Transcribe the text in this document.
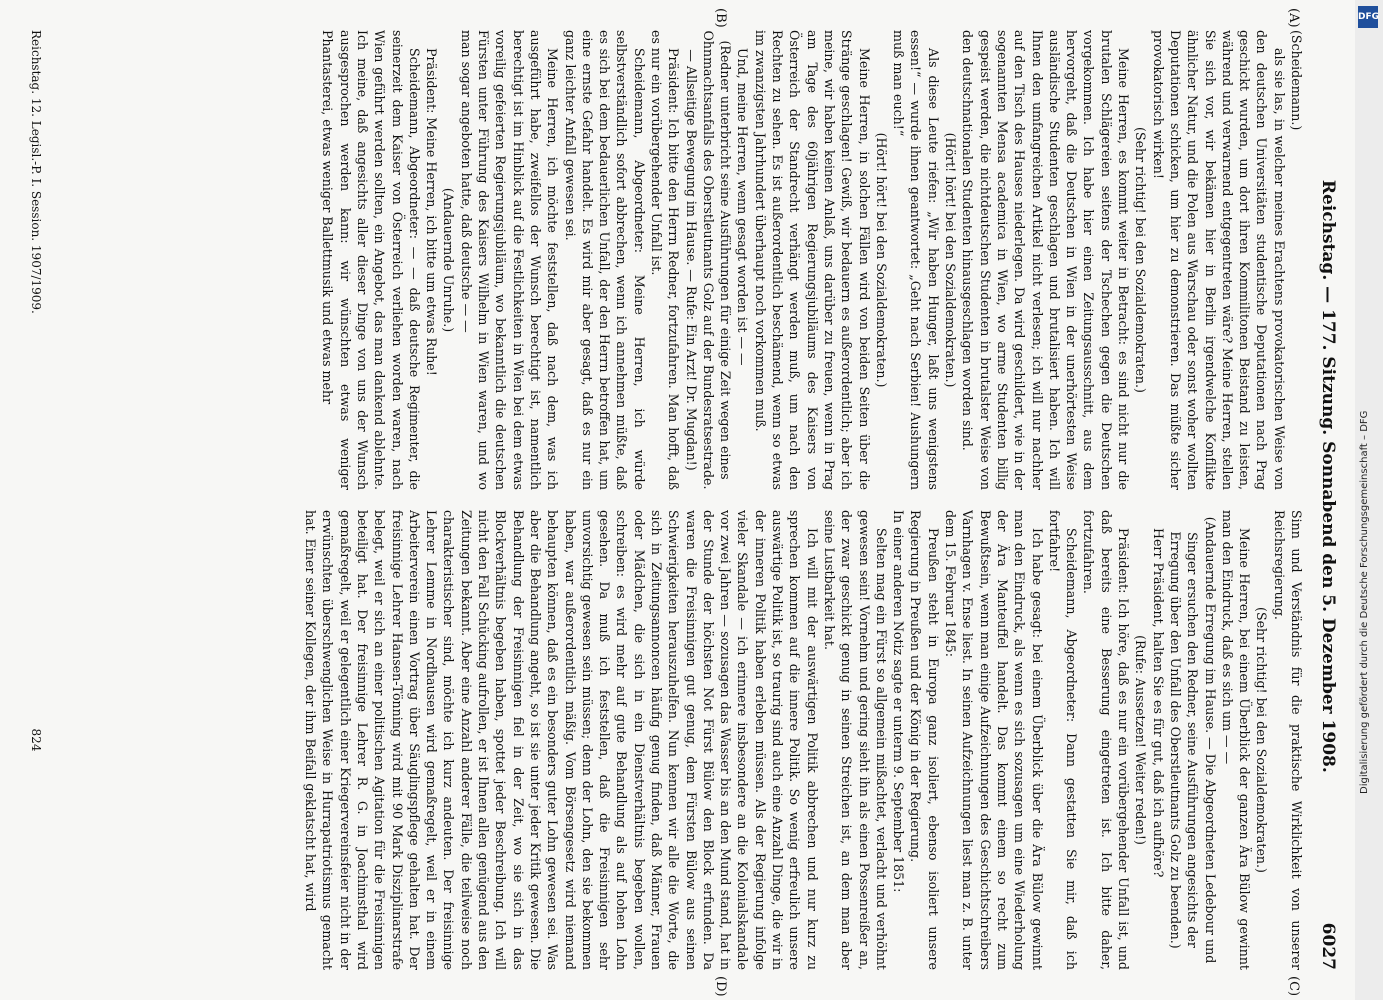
Reichstag. — 177. Sitzung. Sonnabend den 5. Dezember 1908.
6027
(A)
(B)
(C)
(D)

(Scheidemann.)

als sie las, in welcher meines Erachtens provokatorischen Weise von den deutschen Universitäten studentische Deputationen nach Prag geschickt wurden, um dort ihren Kommilitonen Beistand zu leisten, während und verwarnend entgegentreten wäre? Meine Herren, stellen Sie sich vor, wir bekämen hier in Berlin irgendwelche Konflikte ähnlicher Natur, und die Polen aus Warschau oder sonst woher wollten Deputationen schicken, um hier zu demonstrieren. Das müßte sicher provokatorisch wirken!

(Sehr richtig! bei den Sozialdemokraten.)

Meine Herren, es kommt weiter in Betracht: es sind nicht nur die brutalen Schlägereien seitens der Tschechen gegen die Deutschen vorgekommen. Ich habe hier einen Zeitungsausschnitt, aus dem hervorgeht, daß die Deutschen in Wien in der unerhörtesten Weise ausländische Studenten geschlagen und brutalisiert haben. Ich will Ihnen den umfangreichen Artikel nicht verlesen; ich will nur nachher auf den Tisch des Hauses niederlegen. Da wird geschildert, wie in der sogenannten Mensa academica in Wien, wo arme Studenten billig gespeist werden, die nichtdeutschen Studenten in brutalster Weise von den deutschnationalen Studenten hinausgeschlagen worden sind.

(Hört! hört! bei den Sozialdemokraten.)

Als diese Leute riefen: „Wir haben Hunger, laßt uns wenigstens essen!“ — wurde ihnen geantwortet: „Geht nach Serbien! Aushungern muß man euch!“

(Hört! hört! bei den Sozialdemokraten.)

Meine Herren, in solchen Fällen wird von beiden Seiten über die Stränge geschlagen! Gewiß, wir bedauern es außerordentlich; aber ich meine, wir haben keinen Anlaß, uns darüber zu freuen, wenn in Prag am Tage des 60jährigen Regierungsjubiläums des Kaisers von Österreich der Standrecht verhängt werden muß, um nach den Rechten zu sehen. Es ist außerordentlich beschämend, wenn so etwas im zwanzigsten Jahrhundert überhaupt noch vorkommen muß.

Und, meine Herren, wenn gesagt worden ist — —

(Redner unterbricht seine Ausführungen für einige Zeit wegen eines Ohnmachtsanfalls des Oberstleutnants Golz auf der Bundesratsestrade. — Allseitige Bewegung im Hause. — Rufe: Ein Arzt! Dr. Mugdan!)

Präsident: Ich bitte den Herrn Redner, fortzufahren. Man hofft, daß es nur ein vorübergehender Unfall ist.

Scheidemann, Abgeordneter: Meine Herren, ich würde selbstverständlich sofort abbrechen, wenn ich annehmen müßte, daß es sich bei dem bedauerlichen Unfall, der den Herrn betroffen hat, um eine ernste Gefahr handelt. Es wird mir aber gesagt, daß es nur ein ganz leichter Anfall gewesen sei.

Meine Herren, ich möchte feststellen, daß nach dem, was ich ausgeführt habe, zweifellos der Wunsch berechtigt ist, namentlich berechtigt ist im Hinblick auf die Festlichkeiten in Wien bei dem etwas voreilig gefeierten Regierungsjubiläum, wo bekanntlich die deutschen Fürsten unter Führung des Kaisers Wilhelm in Wien waren, und wo man sogar angeboten hatte, daß deutsche — —

(Andauernde Unruhe.)

Präsident: Meine Herren, ich bitte um etwas Ruhe!

Scheidemann, Abgeordneter: — — daß deutsche Regimenter, die seinerzeit dem Kaiser von Österreich verliehen worden waren, nach Wien geführt werden sollten, ein Angebot, das man dankend ablehnte. Ich meine, daß angesichts aller dieser Dinge von uns der Wunsch ausgesprochen werden kann: wir wünschten etwas weniger Phantasterei, etwas weniger Ballettmusik und etwas mehr

Sinn und Verständnis für die praktische Wirklichkeit von unserer Reichsregierung.

(Sehr richtig! bei den Sozialdemokraten.)

Meine Herren, bei einem Überblick der ganzen Ära Bülow gewinnt man den Eindruck, daß es sich um — —

(Andauernde Erregung im Hause. — Die Abgeordneten Ledebour und Singer ersuchen den Redner, seine Ausführungen angesichts der Erregung über den Unfall des Oberstleutnants Golz zu beenden.)

Herr Präsident, halten Sie es für gut, daß ich aufhöre?

(Rufe: Aussetzen! Weiter reden!)

Präsident: Ich höre, daß es nur ein vorübergehender Unfall ist, und daß bereits eine Besserung eingetreten ist. Ich bitte daher, fortzufahren.

Scheidemann, Abgeordneter: Dann gestatten Sie mir, daß ich fortfahre!

Ich habe gesagt: bei einem Überblick über die Ära Bülow gewinnt man den Eindruck, als wenn es sich sozusagen um eine Wiederholung der Ära Manteuffel handelt. Das kommt einem so recht zum Bewußtsein, wenn man einige Aufzeichnungen des Geschichtschreibers Varnhagen v. Ense liest. In seinen Aufzeichnungen liest man z. B. unter dem 15. Februar 1845:

Preußen steht in Europa ganz isoliert, ebenso isoliert unsere Regierung in Preußen und der König in der Regierung.

In einer anderen Notiz sagte er unterm 9. September 1851:

Selten mag ein Fürst so allgemein mißachtet, verlacht und verhöhnt gewesen sein! Vornehm und gering sieht ihn als einen Possenreißer an, der zwar geschickt genug in seinen Streichen ist, an dem man aber seine Lustbarkeit hat.

Ich will mit der auswärtigen Politik abbrechen und nur kurz zu sprechen kommen auf die innere Politik. So wenig erfreulich unsere auswärtige Politik ist, so traurig sind auch eine Anzahl Dinge, die wir in der inneren Politik haben erleben müssen. Als der Regierung infolge vieler Skandale — ich erinnere insbesondere an die Kolonialskandale vor zwei Jahren — sozusagen das Wasser bis an den Mund stand, hat in der Stunde der höchsten Not Fürst Bülow den Block erfunden. Da waren die Freisinnigen gut genug, dem Fürsten Bülow aus seinen Schwierigkeiten herauszuhelfen. Nun kennen wir alle die Worte, die sich in Zeitungsannoncen häufig genug finden, daß Männer, Frauen oder Mädchen, die sich in ein Dienstverhältnis begeben wollen, schreiben: es wird mehr auf gute Behandlung als auf hohen Lohn gesehen. Da muß ich feststellen, daß die Freisinnigen sehr unvorsichtig gewesen sein müssen; denn der Lohn, den sie bekommen haben, war außerordentlich mäßig. Vom Börsengesetz wird niemand behaupten können, daß es ein besonders guter Lohn gewesen sei. Was aber die Behandlung angeht, so ist sie unter jeder Kritik gewesen. Die Behandlung der Freisinnigen fiel in der Zeit, wo sie sich in das Blockverhältnis begeben haben, spottet jeder Beschreibung. Ich will nicht den Fall Schücking aufrollen, er ist Ihnen allen genügend aus den Zeitungen bekannt. Aber eine Anzahl anderer Fälle, die teilweise noch charakteristischer sind, möchte ich kurz andeuten. Der freisinnige Lehrer Lemme in Nordhausen wird gemaßregelt, weil er in einem Arbeiterverein einen Vortrag über Säuglingspflege gehalten hat. Der freisinnige Lehrer Hansen-Tönning wird mit 90 Mark Disziplinarstrafe belegt, weil er sich an einer politischen Agitation für die Freisinnigen beteiligt hat. Der freisinnige Lehrer R. G. in Joachimsthal wird gemaßregelt, weil er gelegentlich einer Kriegervereinsfeier nicht in der erwünschten überschwenglichen Weise in Hurrapatriotismus gemacht hat. Einer seiner Kollegen, der ihm Beifall geklatscht hat, wird

Reichstag. 12. Legisl.-P. I. Session. 1907/1909.
824
DFG
Digitalisierung gefördert durch die Deutsche Forschungsgemeinschaft – DFG
